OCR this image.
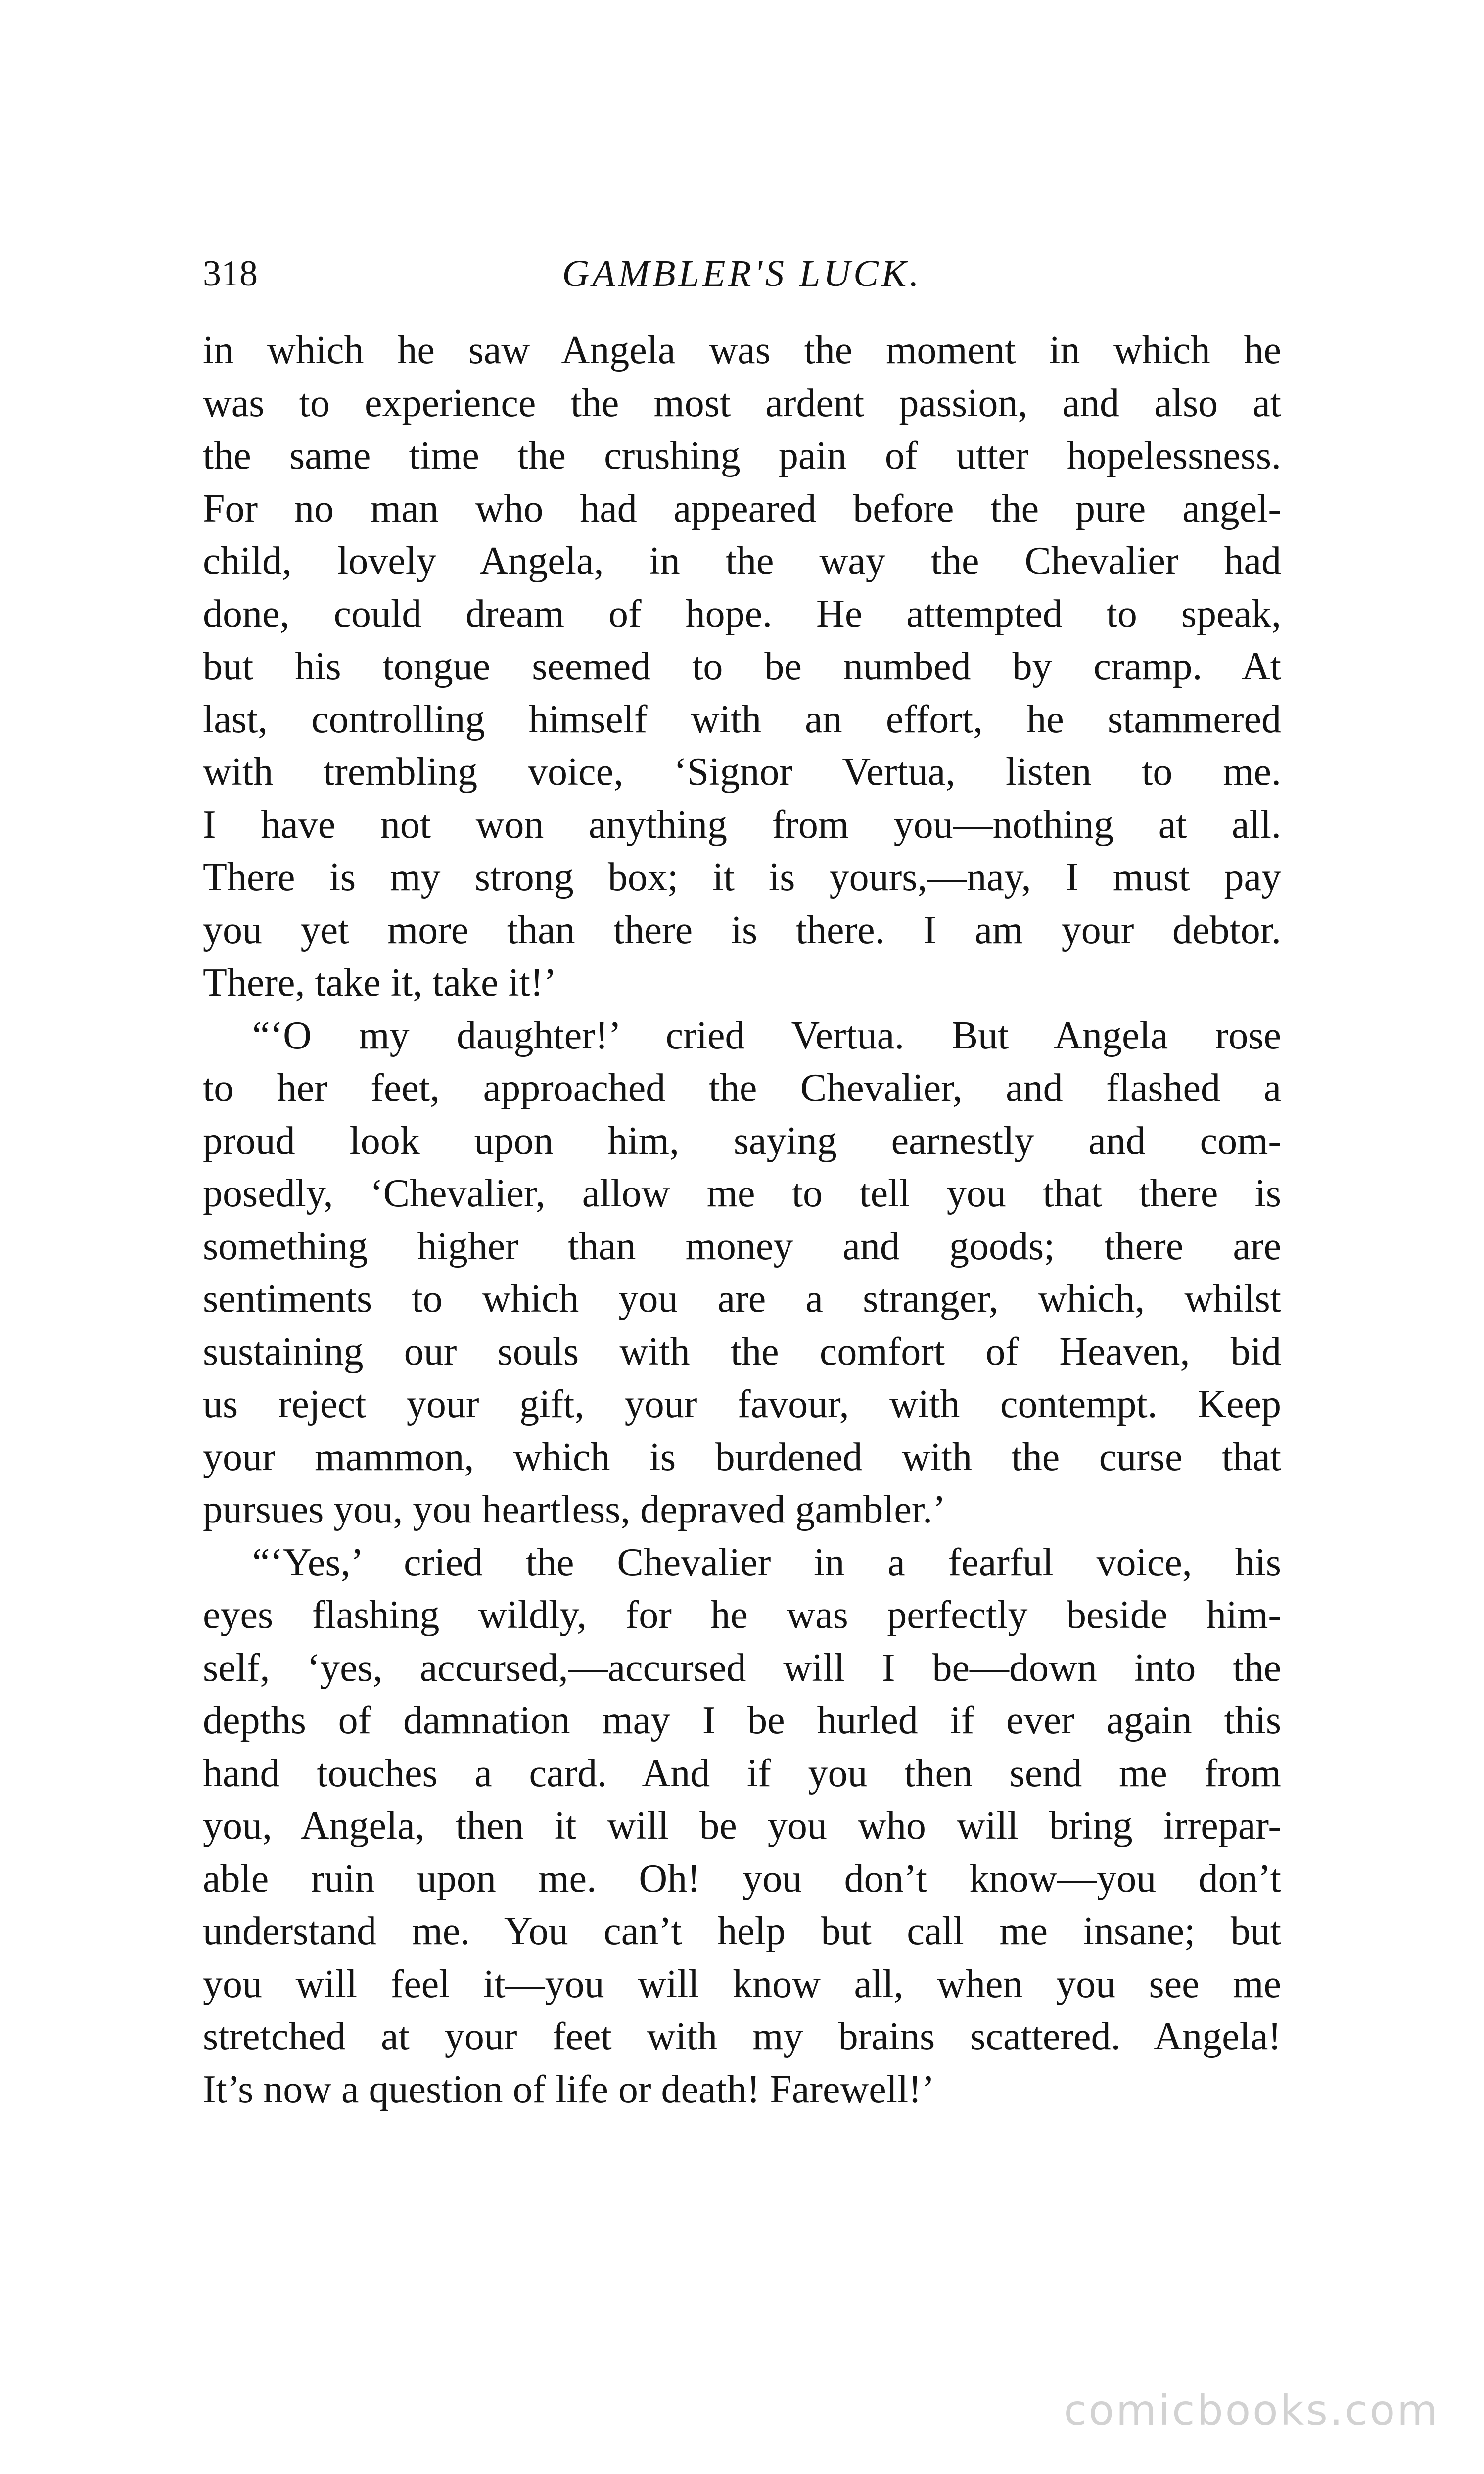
318	GAMBLER'S LUCK.
in which he saw Angela was the moment in which he
was to experience the most ardent passion, and also at
the same time the crushing pain of utter hopelessness.
For no man who had appeared before the pure angel-
child, lovely Angela, in the way the Chevalier had
done, could dream of hope. He attempted to speak,
but his tongue seemed to be numbed by cramp. At
last, controlling himself with an effort, he stammered
with trembling voice, ‘Signor Vertua, listen to me.
I have not won anything from you—nothing at all.
There is my strong box; it is yours,—nay, I must pay
you yet more than there is there. I am your debtor.
There, take it, take it!’
“‘O my daughter!’ cried Vertua. But Angela rose
to her feet, approached the Chevalier, and flashed a
proud look upon him, saying earnestly and com-
posedly, ‘Chevalier, allow me to tell you that there is
something higher than money and goods; there are
sentiments to which you are a stranger, which, whilst
sustaining our souls with the comfort of Heaven, bid
us reject your gift, your favour, with contempt. Keep
your mammon, which is burdened with the curse that
pursues you, you heartless, depraved gambler.’
“‘Yes,’ cried the Chevalier in a fearful voice, his
eyes flashing wildly, for he was perfectly beside him-
self, ‘yes, accursed,—accursed will I be—down into the
depths of damnation may I be hurled if ever again this
hand touches a card. And if you then send me from
you, Angela, then it will be you who will bring irrepar-
able ruin upon me. Oh! you don’t know—you don’t
understand me. You can’t help but call me insane; but
you will feel it—you will know all, when you see me
stretched at your feet with my brains scattered. Angela!
It’s now a question of life or death! Farewell!’
comicbooks.com
